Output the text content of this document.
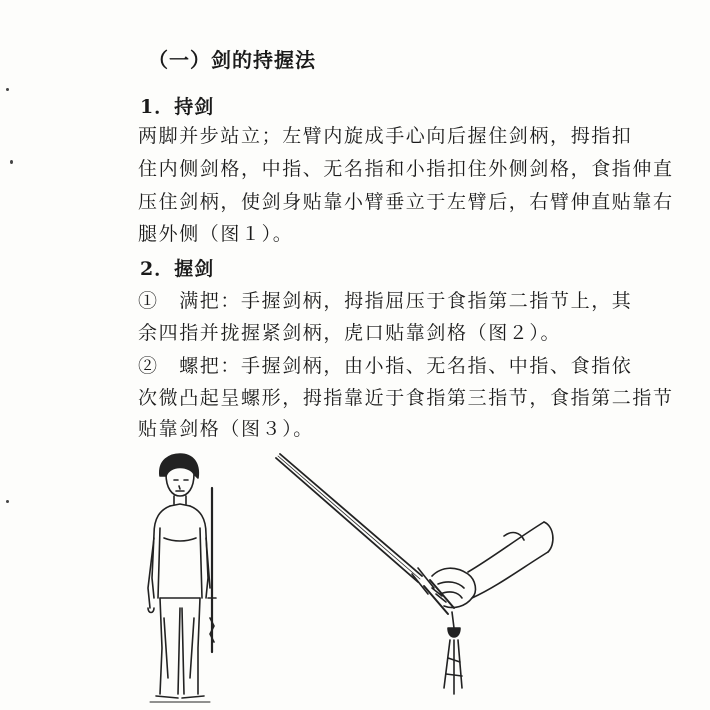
（一）剑的持握法
1．持剑
两脚并步站立；左臂内旋成手心向后握住剑柄，拇指扣
住内侧剑格，中指、无名指和小指扣住外侧剑格，食指伸直
压住剑柄，使剑身贴靠小臂垂立于左臂后，右臂伸直贴靠右
腿外侧（图１）。
2．握剑
①　满把：手握剑柄，拇指屈压于食指第二指节上，其
余四指并拢握紧剑柄，虎口贴靠剑格（图２）。
②　螺把：手握剑柄，由小指、无名指、中指、食指依
次微凸起呈螺形，拇指靠近于食指第三指节，食指第二指节
贴靠剑格（图３）。
